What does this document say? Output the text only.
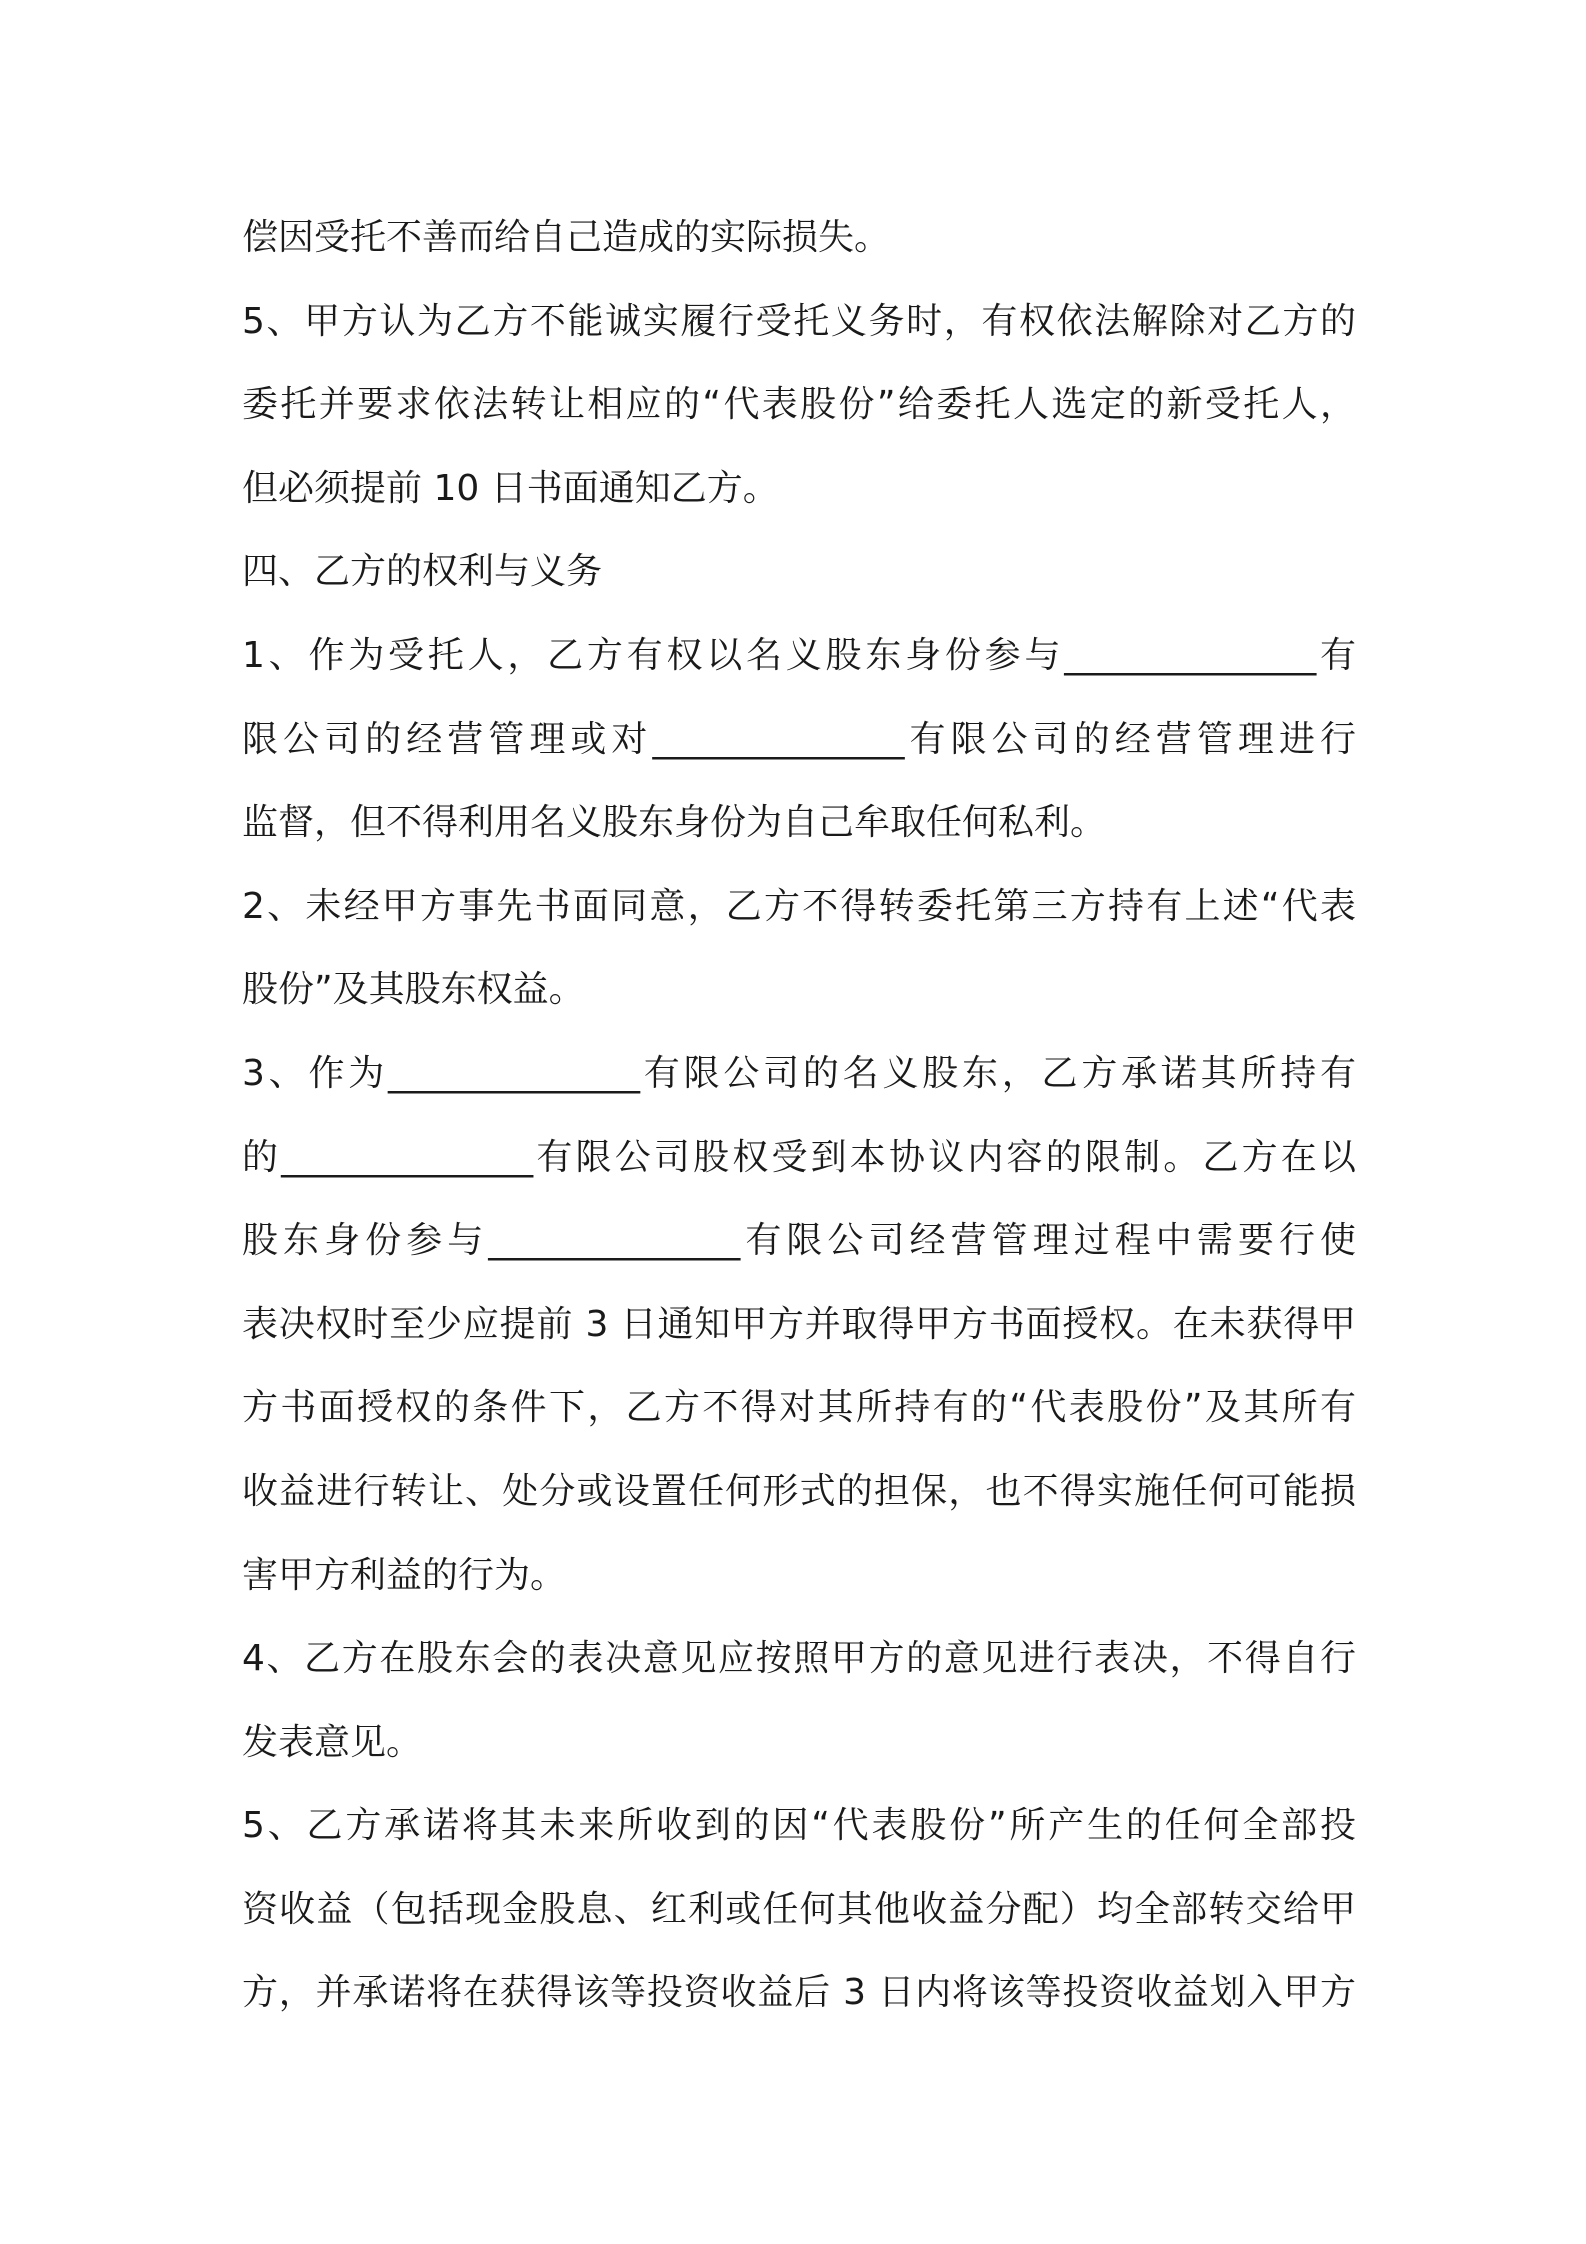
偿因受托不善而给自己造成的实际损失。
5、甲方认为乙方不能诚实履行受托义务时，有权依法解除对乙方的
委托并要求依法转让相应的“代表股份”给委托人选定的新受托人，
但必须提前 10 日书面通知乙方。
四、乙方的权利与义务
1、作为受托人，乙方有权以名义股东身份参与______________有
限公司的经营管理或对______________有限公司的经营管理进行
监督，但不得利用名义股东身份为自己牟取任何私利。
2、未经甲方事先书面同意，乙方不得转委托第三方持有上述“代表
股份”及其股东权益。
3、作为______________有限公司的名义股东，乙方承诺其所持有
的______________有限公司股权受到本协议内容的限制。乙方在以
股东身份参与______________有限公司经营管理过程中需要行使
表决权时至少应提前 3 日通知甲方并取得甲方书面授权。在未获得甲
方书面授权的条件下，乙方不得对其所持有的“代表股份”及其所有
收益进行转让、处分或设置任何形式的担保，也不得实施任何可能损
害甲方利益的行为。
4、乙方在股东会的表决意见应按照甲方的意见进行表决，不得自行
发表意见。
5、乙方承诺将其未来所收到的因“代表股份”所产生的任何全部投
资收益（包括现金股息、红利或任何其他收益分配）均全部转交给甲
方，并承诺将在获得该等投资收益后 3 日内将该等投资收益划入甲方
